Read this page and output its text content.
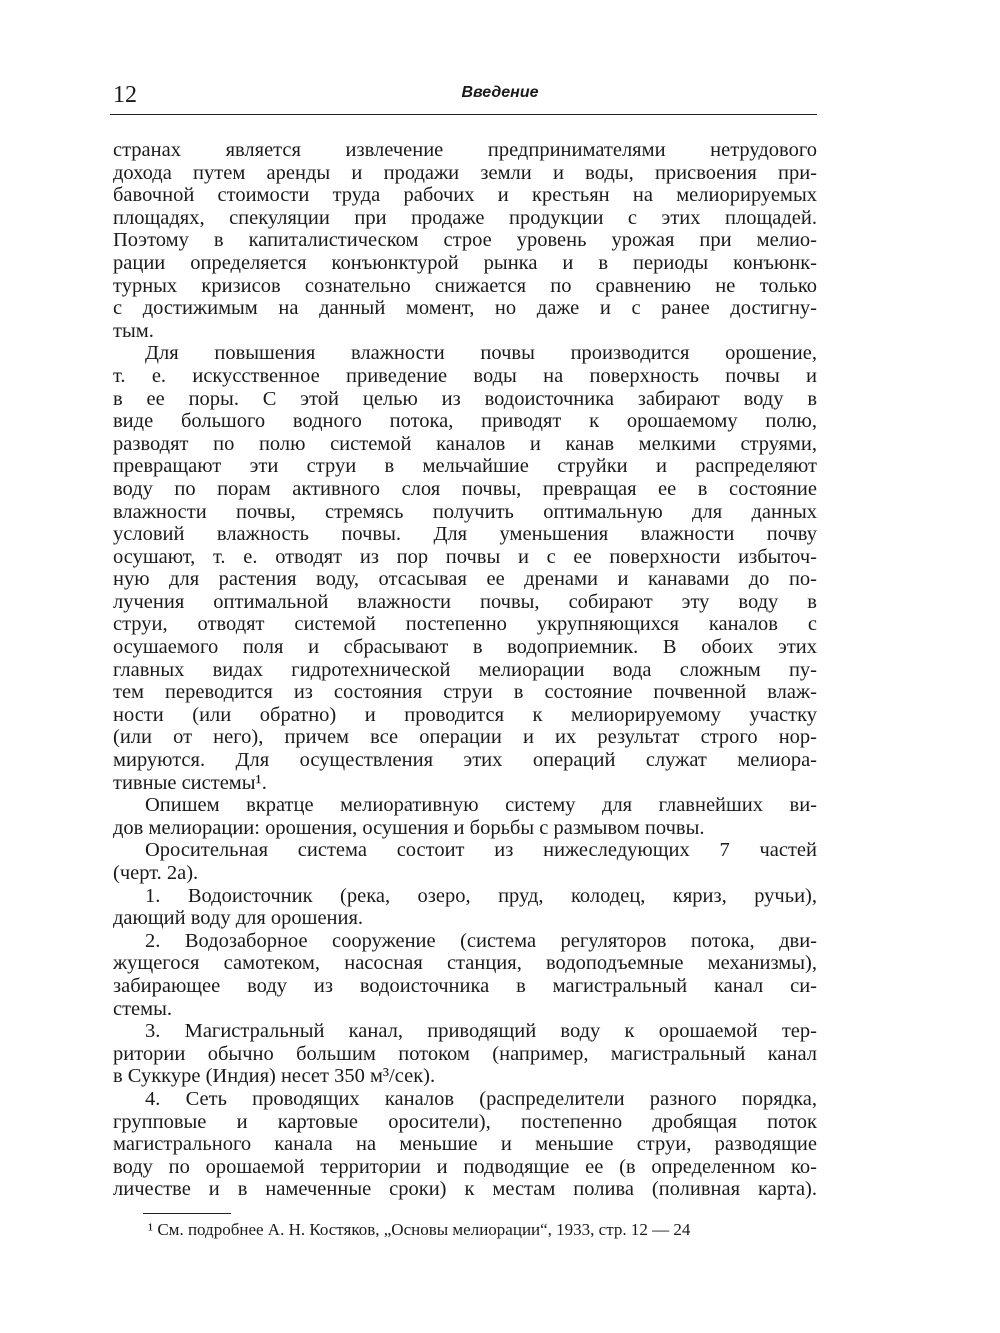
12	Введение
странах является извлечение предпринимателями нетрудового
дохода путем аренды и продажи земли и воды, присвоения при-
бавочной стоимости труда рабочих и крестьян на мелиорируемых
площадях, спекуляции при продаже продукции с этих площадей.
Поэтому в капиталистическом строе уровень урожая при мелио-
рации определяется конъюнктурой рынка и в периоды конъюнк-
турных кризисов сознательно снижается по сравнению не только
с достижимым на данный момент, но даже и с ранее достигну-
тым.
Для повышения влажности почвы производится орошение,
т. е. искусственное приведение воды на поверхность почвы и
в ее поры. С этой целью из водоисточника забирают воду в
виде большого водного потока, приводят к орошаемому полю,
разводят по полю системой каналов и канав мелкими струями,
превращают эти струи в мельчайшие струйки и распределяют
воду по порам активного слоя почвы, превращая ее в состояние
влажности почвы, стремясь получить оптимальную для данных
условий влажность почвы. Для уменьшения влажности почву
осушают, т. е. отводят из пор почвы и с ее поверхности избыточ-
ную для растения воду, отсасывая ее дренами и канавами до по-
лучения оптимальной влажности почвы, собирают эту воду в
струи, отводят системой постепенно укрупняющихся каналов с
осушаемого поля и сбрасывают в водоприемник. В обоих этих
главных видах гидротехнической мелиорации вода сложным пу-
тем переводится из состояния струи в состояние почвенной влаж-
ности (или обратно) и проводится к мелиорируемому участку
(или от него), причем все операции и их результат строго нор-
мируются. Для осуществления этих операций служат мелиора-
тивные системы¹.
Опишем вкратце мелиоративную систему для главнейших ви-
дов мелиорации: орошения, осушения и борьбы с размывом почвы.
Оросительная система состоит из нижеследующих 7 частей
(черт. 2а).
1. Водоисточник (река, озеро, пруд, колодец, кяриз, ручьи),
дающий воду для орошения.
2. Водозаборное сооружение (система регуляторов потока, дви-
жущегося самотеком, насосная станция, водоподъемные механизмы),
забирающее воду из водоисточника в магистральный канал си-
стемы.
3. Магистральный канал, приводящий воду к орошаемой тер-
ритории обычно большим потоком (например, магистральный канал
в Суккуре (Индия) несет 350 м³/сек).
4. Сеть проводящих каналов (распределители разного порядка,
групповые и картовые оросители), постепенно дробящая поток
магистрального канала на меньшие и меньшие струи, разводящие
воду по орошаемой территории и подводящие ее (в определенном ко-
личестве и в намеченные сроки) к местам полива (поливная карта).
¹ См. подробнее А. Н. Костяков, „Основы мелиорации“, 1933, стр. 12 — 24
